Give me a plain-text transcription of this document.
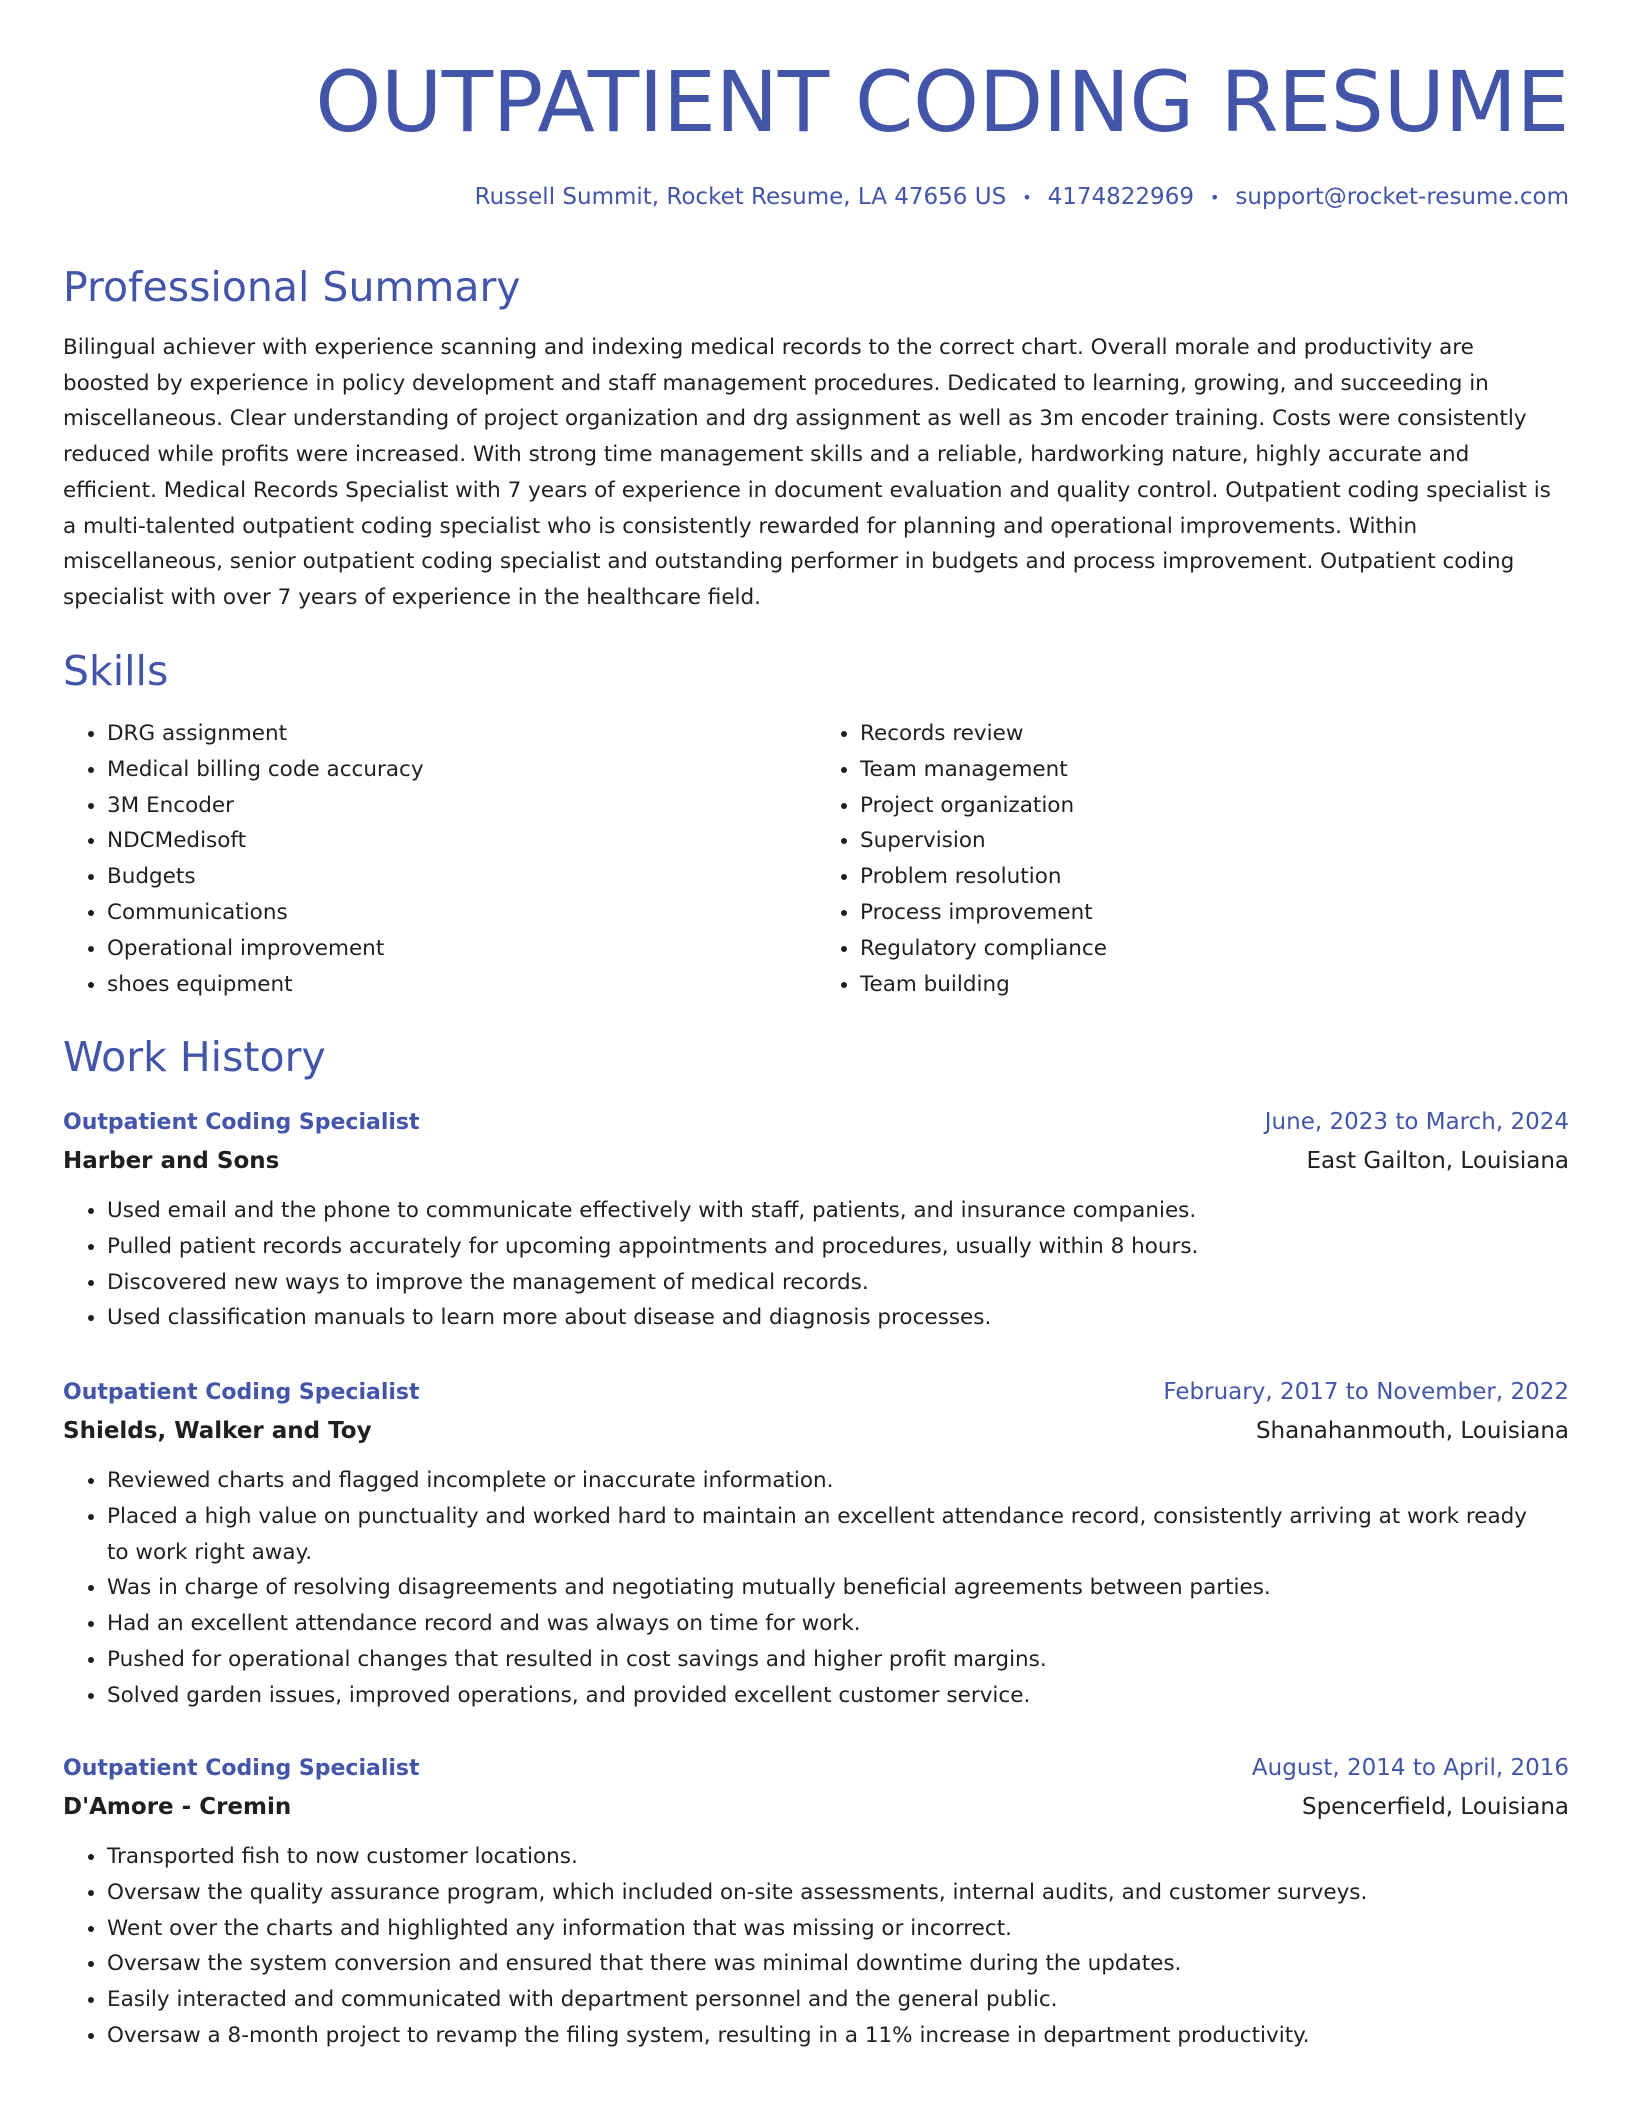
OUTPATIENT CODING RESUME
Russell Summit, Rocket Resume, LA 47656 US • 4174822969 • support@rocket-resume.com
Professional Summary

Bilingual achiever with experience scanning and indexing medical records to the correct chart. Overall morale and productivity are boosted by experience in policy development and staff management procedures. Dedicated to learning, growing, and succeeding in miscellaneous. Clear understanding of project organization and drg assignment as well as 3m encoder training. Costs were consistently reduced while profits were increased. With strong time management skills and a reliable, hardworking nature, highly accurate and efficient. Medical Records Specialist with 7 years of experience in document evaluation and quality control. Outpatient coding specialist is a multi-talented outpatient coding specialist who is consistently rewarded for planning and operational improvements. Within miscellaneous, senior outpatient coding specialist and outstanding performer in budgets and process improvement. Outpatient coding specialist with over 7 years of experience in the healthcare field.

Skills
• DRG assignment
• Medical billing code accuracy
• 3M Encoder
• NDCMedisoft
• Budgets
• Communications
• Operational improvement
• shoes equipment
• Records review
• Team management
• Project organization
• Supervision
• Problem resolution
• Process improvement
• Regulatory compliance
• Team building
Work History
Outpatient Coding Specialist	June, 2023 to March, 2024
Harber and Sons	East Gailton, Louisiana
• Used email and the phone to communicate effectively with staff, patients, and insurance companies.
• Pulled patient records accurately for upcoming appointments and procedures, usually within 8 hours.
• Discovered new ways to improve the management of medical records.
• Used classification manuals to learn more about disease and diagnosis processes.
Outpatient Coding Specialist	February, 2017 to November, 2022
Shields, Walker and Toy	Shanahanmouth, Louisiana
• Reviewed charts and flagged incomplete or inaccurate information.
• Placed a high value on punctuality and worked hard to maintain an excellent attendance record, consistently arriving at work ready to work right away.
• Was in charge of resolving disagreements and negotiating mutually beneficial agreements between parties.
• Had an excellent attendance record and was always on time for work.
• Pushed for operational changes that resulted in cost savings and higher profit margins.
• Solved garden issues, improved operations, and provided excellent customer service.
Outpatient Coding Specialist	August, 2014 to April, 2016
D'Amore - Cremin	Spencerfield, Louisiana
• Transported fish to now customer locations.
• Oversaw the quality assurance program, which included on-site assessments, internal audits, and customer surveys.
• Went over the charts and highlighted any information that was missing or incorrect.
• Oversaw the system conversion and ensured that there was minimal downtime during the updates.
• Easily interacted and communicated with department personnel and the general public.
• Oversaw a 8-month project to revamp the filing system, resulting in a 11% increase in department productivity.
